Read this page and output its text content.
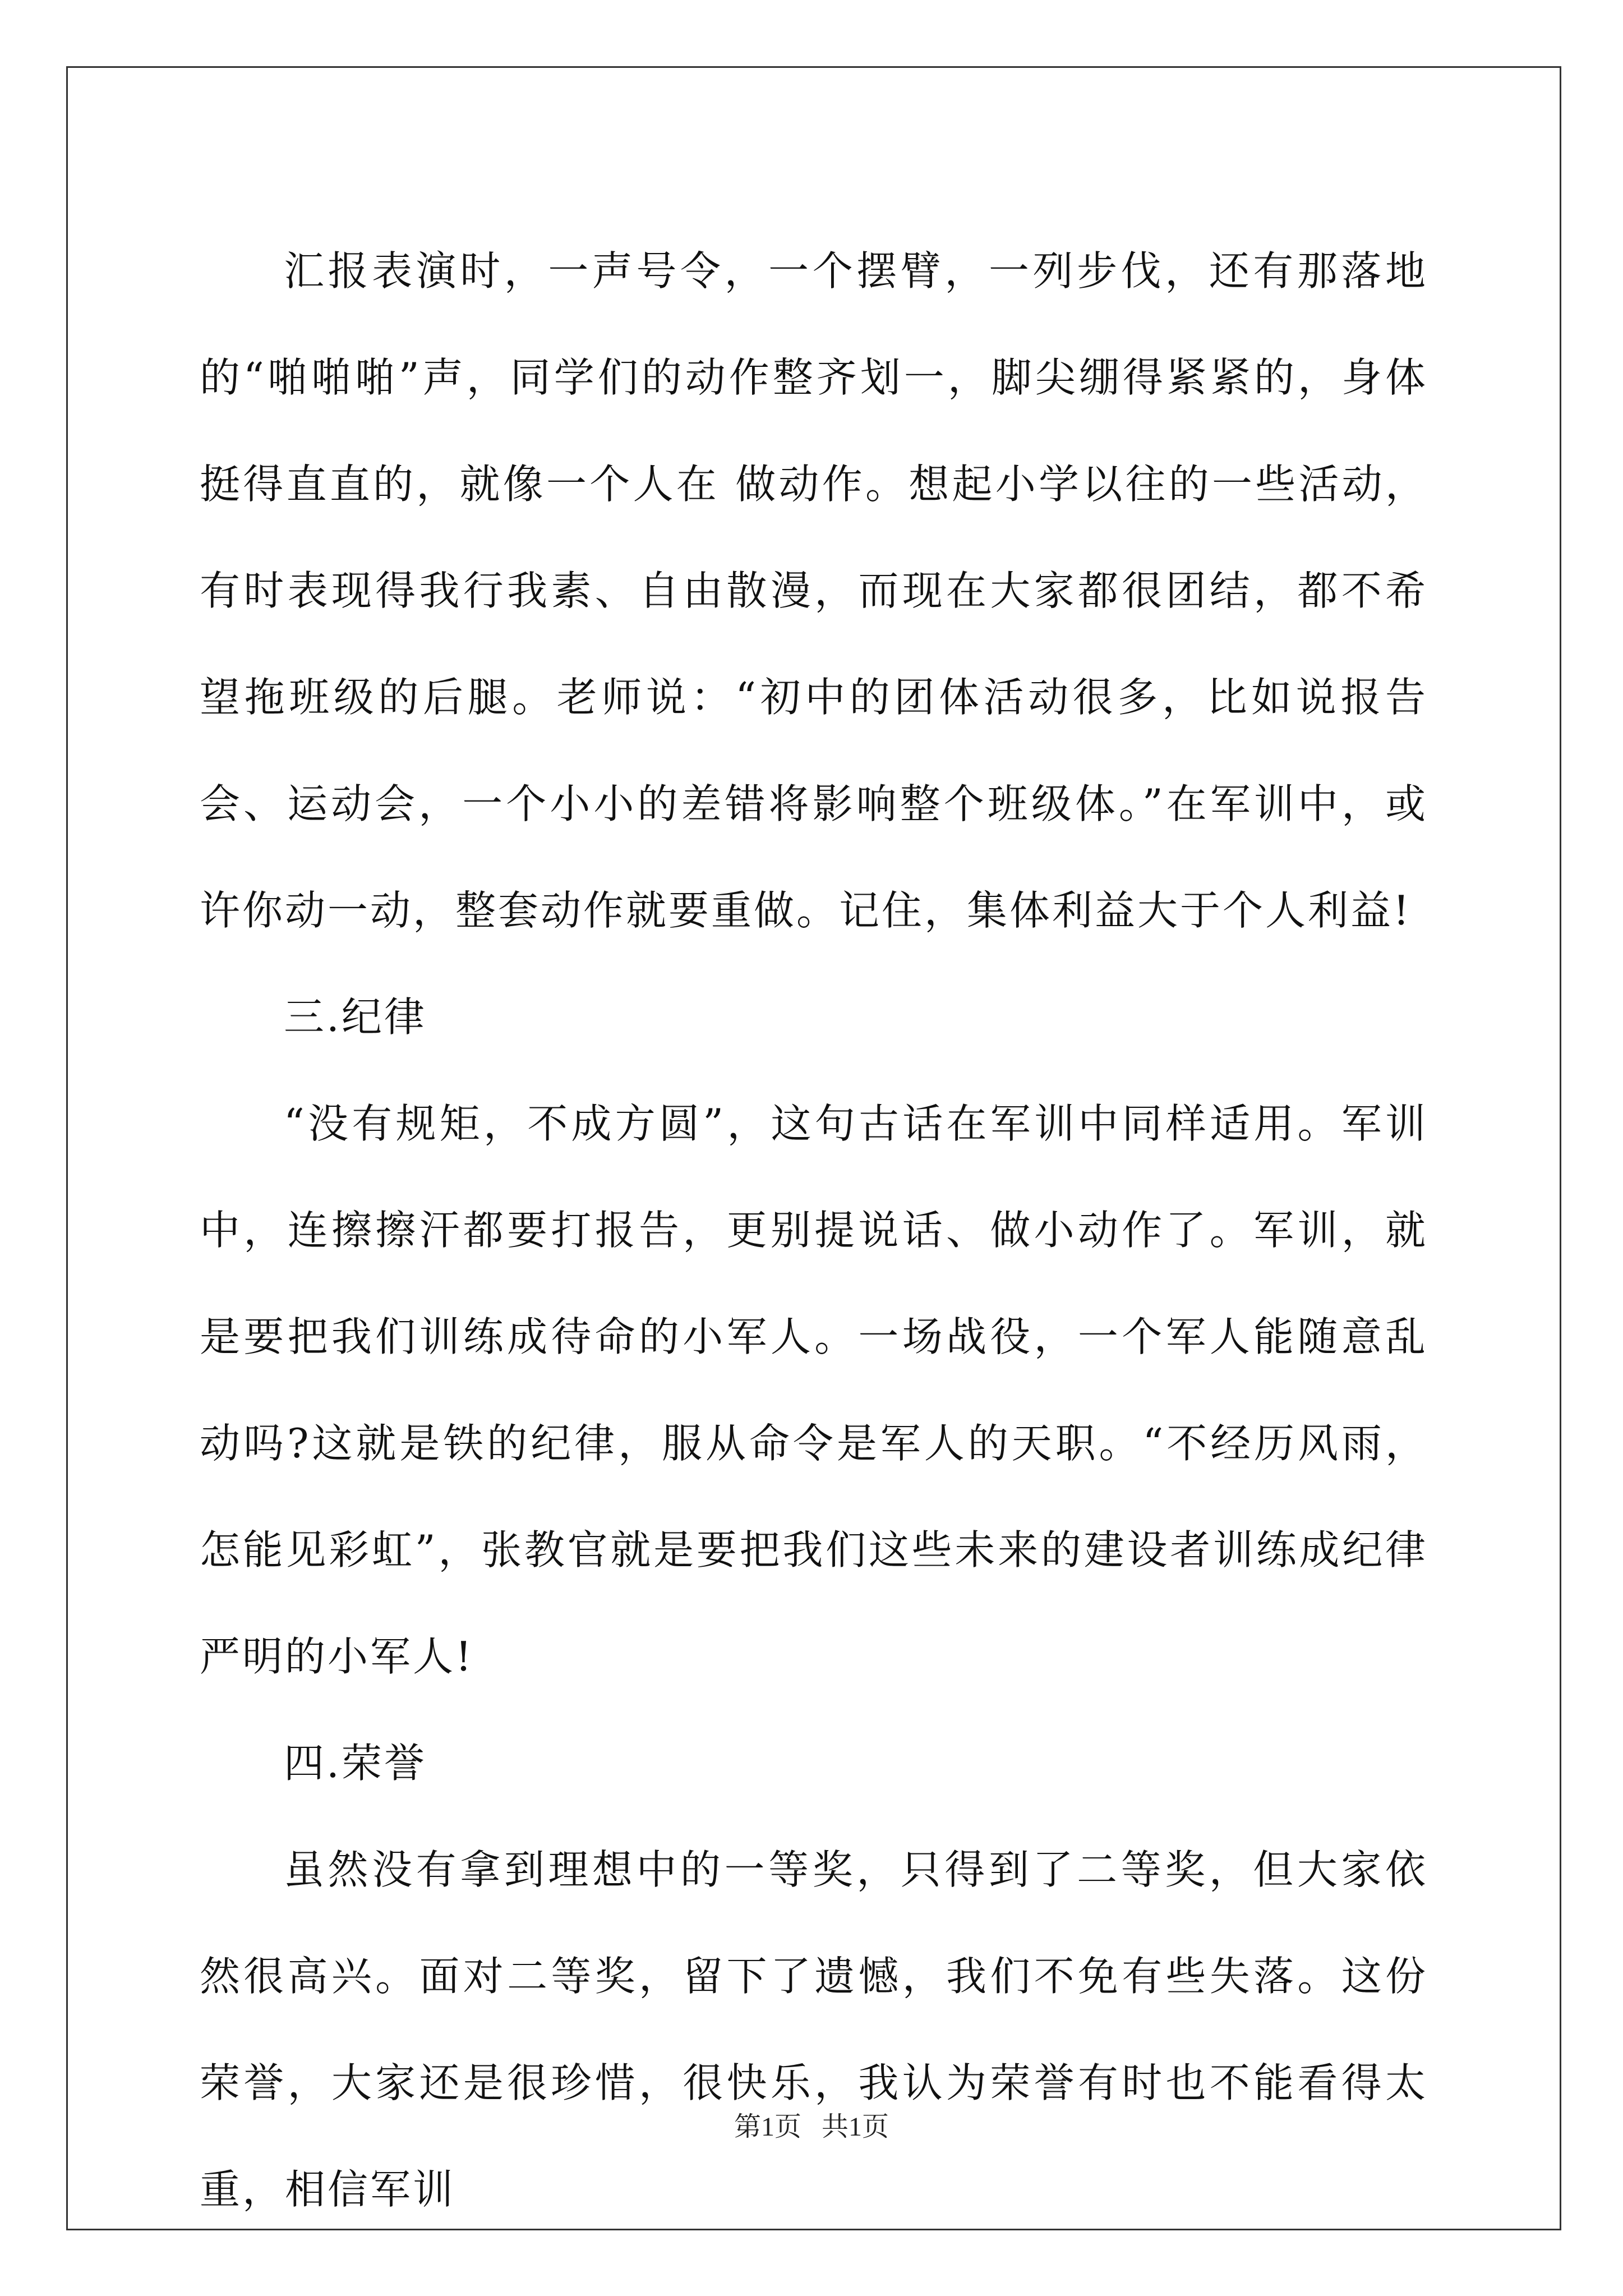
汇报表演时，一声号令，一个摆臂，一列步伐，还有那落地的“啪啪啪”声，同学们的动作整齐划一，脚尖绷得紧紧的，身体挺得直直的，就像一个人在 做动作。想起小学以往的一些活动，有时表现得我行我素、自由散漫，而现在大家都很团结，都不希望拖班级的后腿。老师说：“初中的团体活动很多，比如说报告会、运动会，一个小小的差错将影响整个班级体。”在军训中，或许你动一动，整套动作就要重做。记住，集体利益大于个人利益!

三.纪律

“没有规矩，不成方圆”，这句古话在军训中同样适用。军训中，连擦擦汗都要打报告，更别提说话、做小动作了。军训，就是要把我们训练成待命的小军人。一场战役，一个军人能随意乱动吗?这就是铁的纪律，服从命令是军人的天职。“不经历风雨，怎能见彩虹”，张教官就是要把我们这些未来的建设者训练成纪律严明的小军人!

四.荣誉

虽然没有拿到理想中的一等奖，只得到了二等奖，但大家依然很高兴。面对二等奖，留下了遗憾，我们不免有些失落。这份荣誉，大家还是很珍惜，很快乐，我认为荣誉有时也不能看得太重，相信军训

第1页   共1页
